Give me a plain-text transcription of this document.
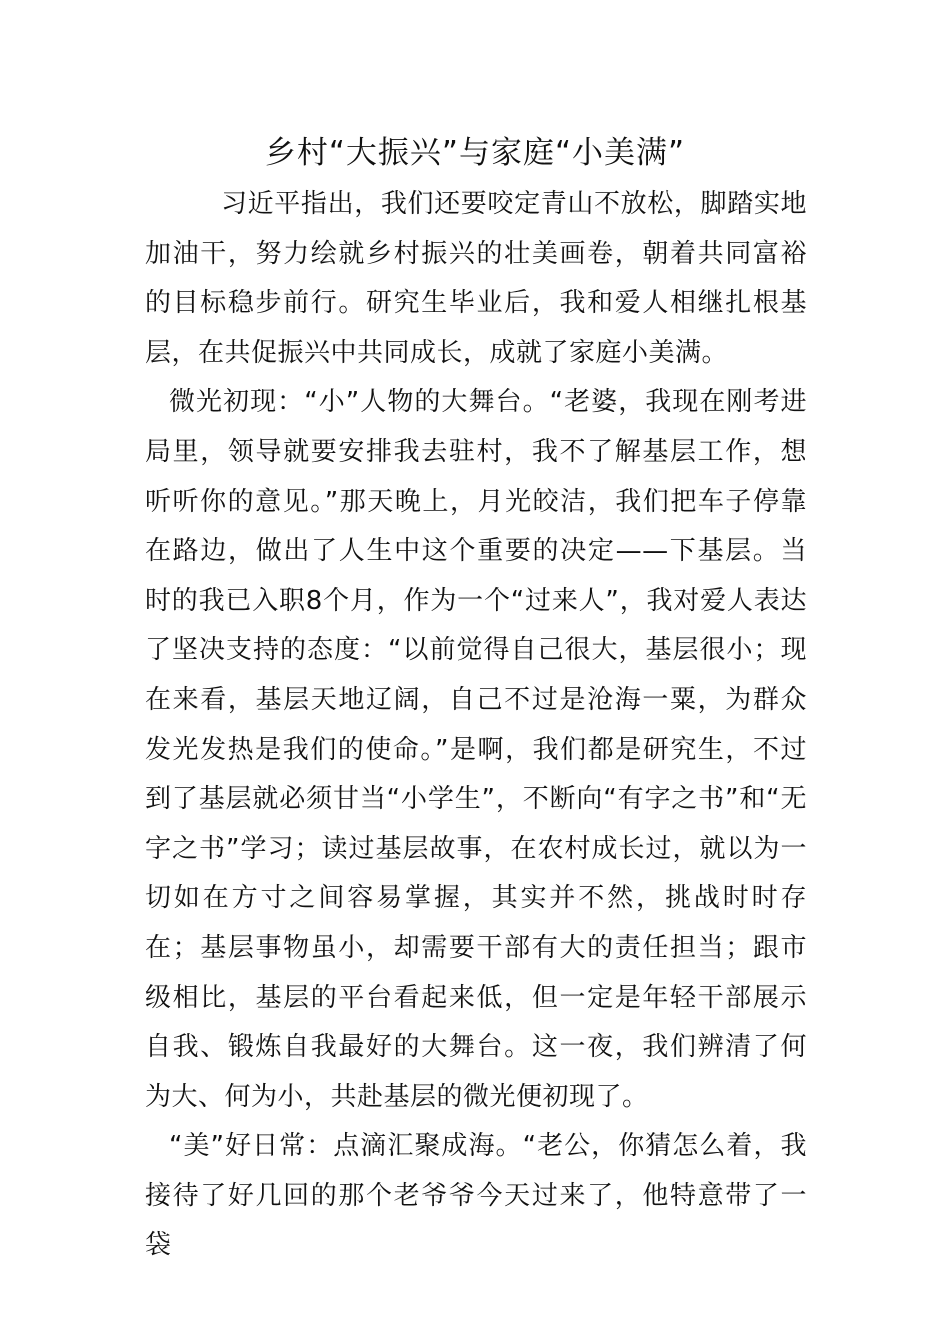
乡村“大振兴”与家庭“小美满”

习近平指出，我们还要咬定青山不放松，脚踏实地加油干，努力绘就乡村振兴的壮美画卷，朝着共同富裕的目标稳步前行。研究生毕业后，我和爱人相继扎根基层，在共促振兴中共同成长，成就了家庭小美满。

微光初现：“小”人物的大舞台。“老婆，我现在刚考进局里，领导就要安排我去驻村，我不了解基层工作，想听听你的意见。”那天晚上，月光皎洁，我们把车子停靠在路边，做出了人生中这个重要的决定——下基层。当时的我已入职8个月，作为一个“过来人”，我对爱人表达了坚决支持的态度：“以前觉得自己很大，基层很小；现在来看，基层天地辽阔，自己不过是沧海一粟，为群众发光发热是我们的使命。”是啊，我们都是研究生，不过到了基层就必须甘当“小学生”，不断向“有字之书”和“无字之书”学习；读过基层故事，在农村成长过，就以为一切如在方寸之间容易掌握，其实并不然，挑战时时存在；基层事物虽小，却需要干部有大的责任担当；跟市级相比，基层的平台看起来低，但一定是年轻干部展示自我、锻炼自我最好的大舞台。这一夜，我们辨清了何为大、何为小，共赴基层的微光便初现了。

“美”好日常：点滴汇聚成海。“老公，你猜怎么着，我接待了好几回的那个老爷爷今天过来了，他特意带了一袋
